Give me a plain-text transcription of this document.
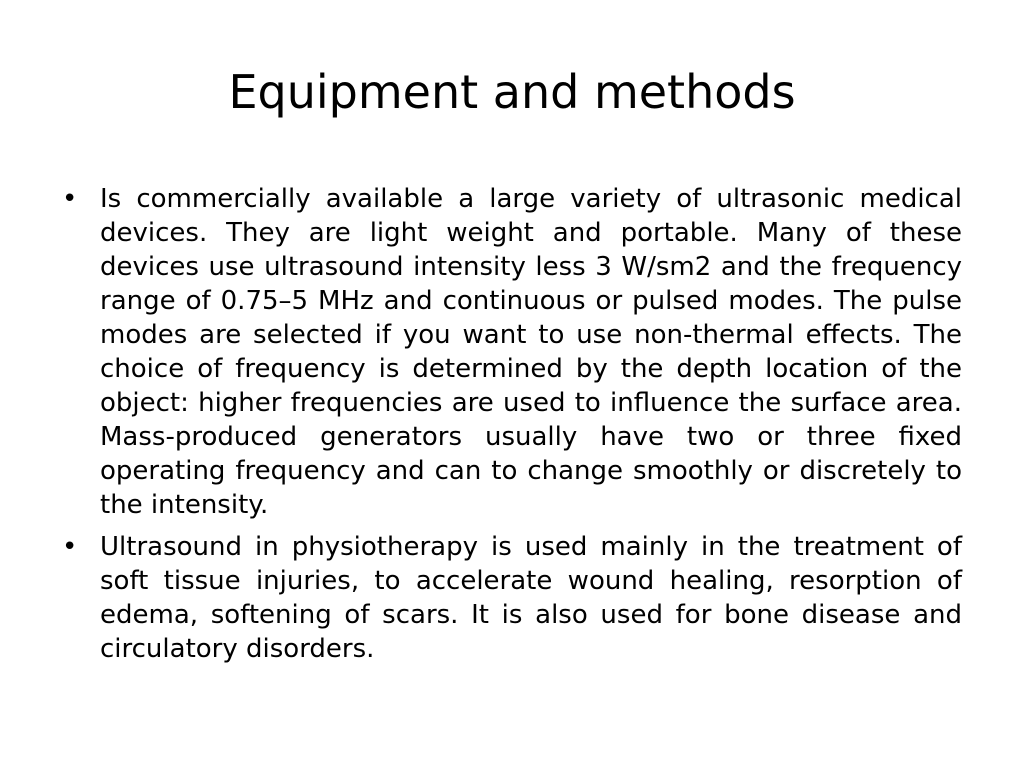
Equipment and methods
• Is commercially available a large variety of ultrasonic medical devices. They are light weight and portable. Many of these devices use ultrasound intensity less 3 W/sm2 and the frequency range of 0.75–5 MHz and continuous or pulsed modes. The pulse modes are selected if you want to use non-thermal effects. The choice of frequency is determined by the depth location of the object: higher frequencies are used to influence the surface area. Mass-produced generators usually have two or three fixed operating frequency and can to change smoothly or discretely to the intensity.
• Ultrasound in physiotherapy is used mainly in the treatment of soft tissue injuries, to accelerate wound healing, resorption of edema, softening of scars. It is also used for bone disease and circulatory disorders.
